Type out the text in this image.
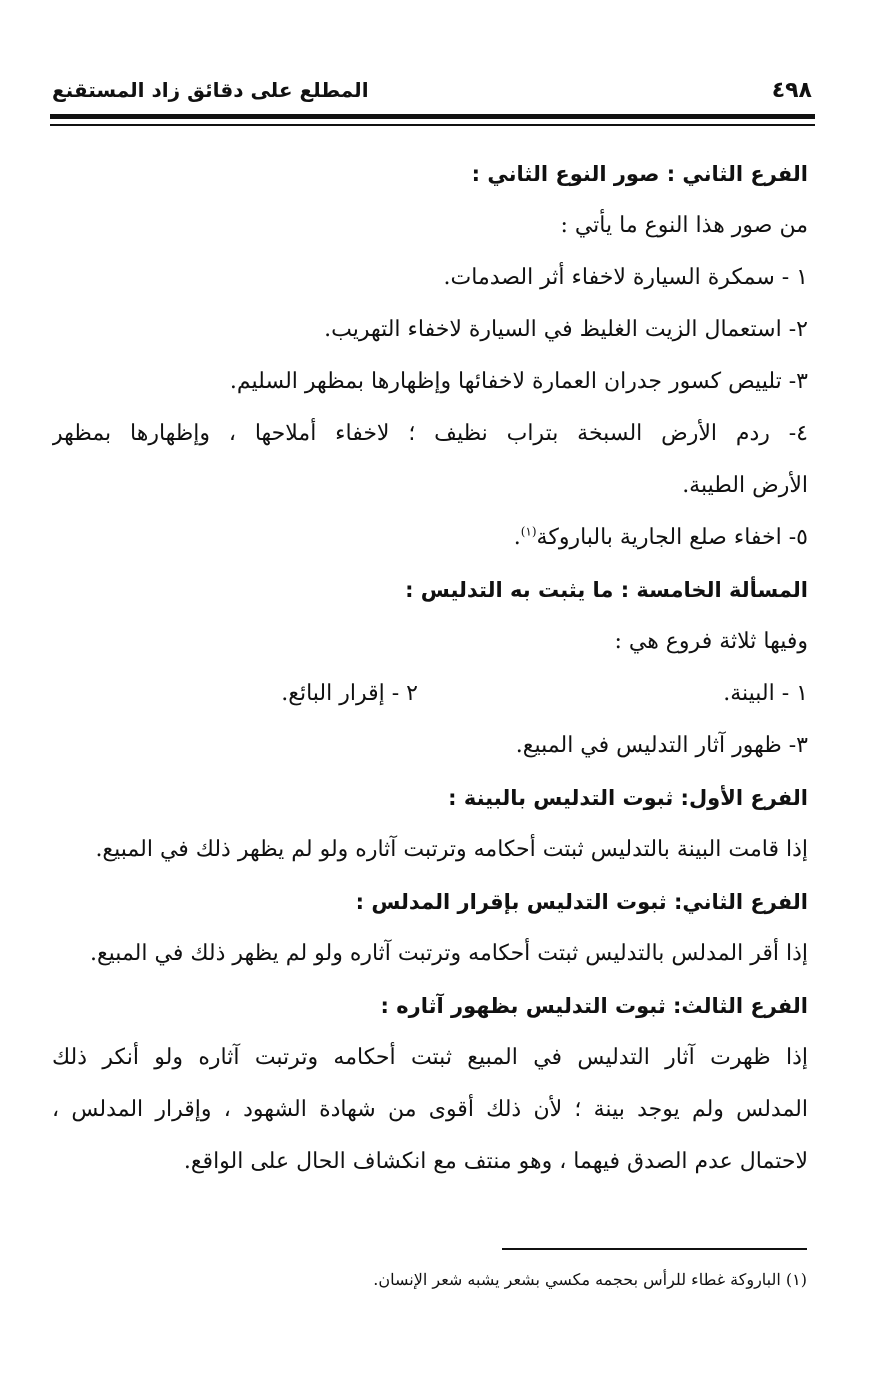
٤٩٨
المطلع على دقائق زاد المستقنع
الفرع الثاني : صور النوع الثاني :
من صور هذا النوع ما يأتي :
١ - سمكرة السيارة لاخفاء أثر الصدمات.
٢- استعمال الزيت الغليظ في السيارة لاخفاء التهريب.
٣- تلييص كسور جدران العمارة لاخفائها وإظهارها بمظهر السليم.
٤- ردم الأرض السبخة بتراب نظيف ؛ لاخفاء أملاحها ، وإظهارها بمظهر
الأرض الطيبة.
٥- اخفاء صلع الجارية بالباروكة$^{(١)}$.
المسألة الخامسة : ما يثبت به التدليس :
وفيها ثلاثة فروع هي :
١ - البينة.
٢ - إقرار البائع.
٣- ظهور آثار التدليس في المبيع.
الفرع الأول: ثبوت التدليس بالبينة :
إذا قامت البينة بالتدليس ثبتت أحكامه وترتبت آثاره ولو لم يظهر ذلك في المبيع.
الفرع الثاني: ثبوت التدليس بإقرار المدلس :
إذا أقر المدلس بالتدليس ثبتت أحكامه وترتبت آثاره ولو لم يظهر ذلك في المبيع.
الفرع الثالث: ثبوت التدليس بظهور آثاره :
إذا ظهرت آثار التدليس في المبيع ثبتت أحكامه وترتبت آثاره ولو أنكر ذلك
المدلس ولم يوجد بينة ؛ لأن ذلك أقوى من شهادة الشهود ، وإقرار المدلس ،
لاحتمال عدم الصدق فيهما ، وهو منتف مع انكشاف الحال على الواقع.
(١) الباروكة غطاء للرأس بحجمه مكسي بشعر يشبه شعر الإنسان.
